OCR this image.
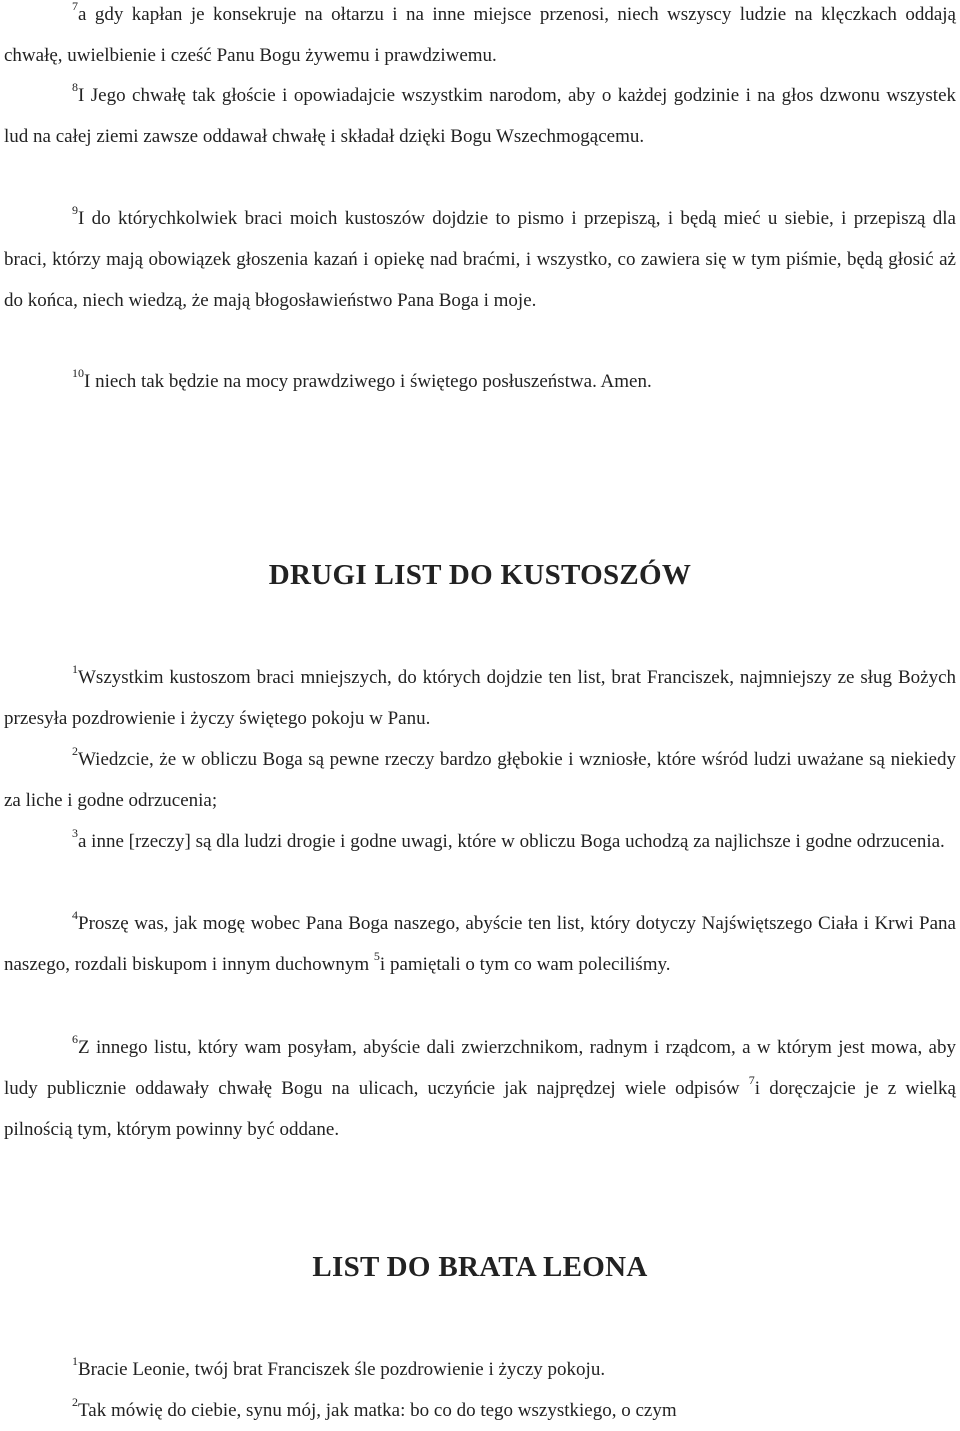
$^7$a gdy kapłan je konsekruje na ołtarzu i na inne miejsce przenosi, niech wszyscy ludzie na klęczkach oddają chwałę, uwielbienie i cześć Panu Bogu żywemu i prawdziwemu.

$^8$I Jego chwałę tak głoście i opowiadajcie wszystkim narodom, aby o każdej godzinie i na głos dzwonu wszystek lud na całej ziemi zawsze oddawał chwałę i składał dzięki Bogu Wszechmogącemu.

$^9$I do którychkolwiek braci moich kustoszów dojdzie to pismo i przepiszą, i będą mieć u siebie, i przepiszą dla braci, którzy mają obowiązek głoszenia kazań i opiekę nad braćmi, i wszystko, co zawiera się w tym piśmie, będą głosić aż do końca, niech wiedzą, że mają błogosławieństwo Pana Boga i moje.

$^{10}$I niech tak będzie na mocy prawdziwego i świętego posłuszeństwa. Amen.

DRUGI LIST DO KUSTOSZÓW

$^1$Wszystkim kustoszom braci mniejszych, do których dojdzie ten list, brat Franciszek, najmniejszy ze sług Bożych przesyła pozdrowienie i życzy świętego pokoju w Panu.

$^2$Wiedzcie, że w obliczu Boga są pewne rzeczy bardzo głębokie i wzniosłe, które wśród ludzi uważane są niekiedy za liche i godne odrzucenia;

$^3$a inne [rzeczy] są dla ludzi drogie i godne uwagi, które w obliczu Boga uchodzą za najlichsze i godne odrzucenia.

$^4$Proszę was, jak mogę wobec Pana Boga naszego, abyście ten list, który dotyczy Najświętszego Ciała i Krwi Pana naszego, rozdali biskupom i innym duchownym $^5$i pamiętali o tym co wam poleciliśmy.

$^6$Z innego listu, który wam posyłam, abyście dali zwierzchnikom, radnym i rządcom, a w którym jest mowa, aby ludy publicznie oddawały chwałę Bogu na ulicach, uczyńcie jak najprędzej wiele odpisów $^7$i doręczajcie je z wielką pilnością tym, którym powinny być oddane.

LIST DO BRATA LEONA

$^1$Bracie Leonie, twój brat Franciszek śle pozdrowienie i życzy pokoju.

$^2$Tak mówię do ciebie, synu mój, jak matka: bo co do tego wszystkiego, o czym
